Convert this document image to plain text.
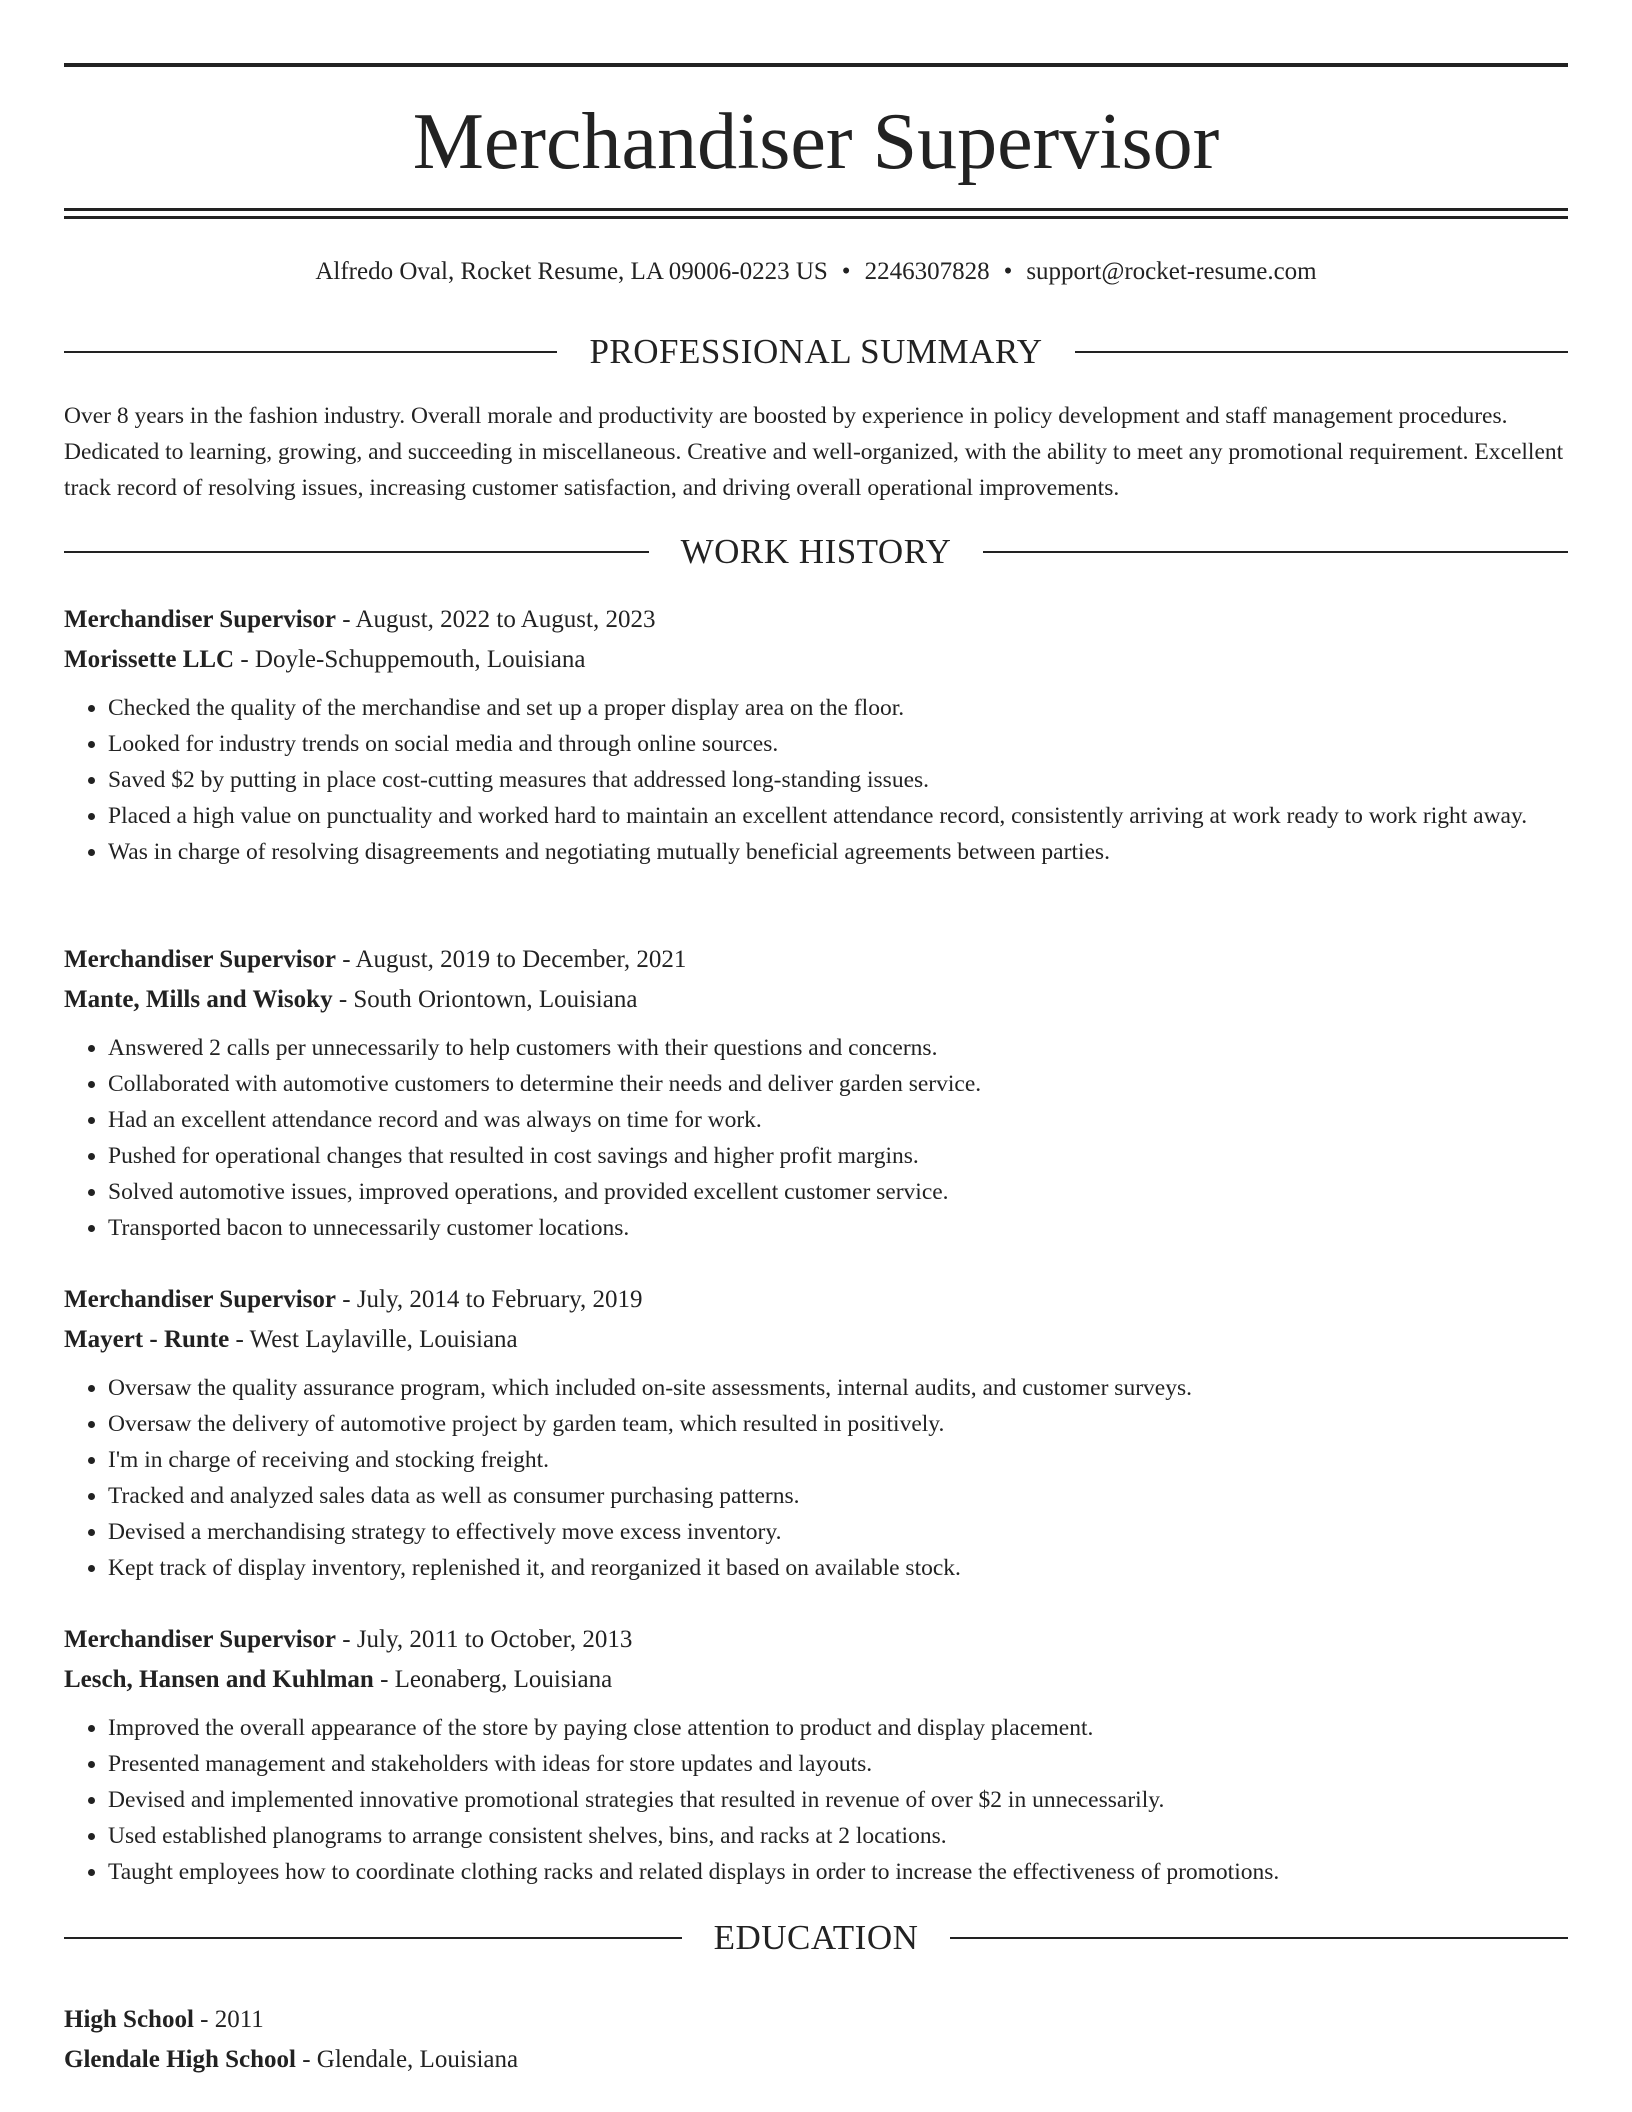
Merchandiser Supervisor
Alfredo Oval, Rocket Resume, LA 09006-0223 US • 2246307828 • support@rocket-resume.com
PROFESSIONAL SUMMARY

Over 8 years in the fashion industry. Overall morale and productivity are boosted by experience in policy development and staff management procedures. Dedicated to learning, growing, and succeeding in miscellaneous. Creative and well-organized, with the ability to meet any promotional requirement. Excellent track record of resolving issues, increasing customer satisfaction, and driving overall operational improvements.

WORK HISTORY

Merchandiser Supervisor - August, 2022 to August, 2023

Morissette LLC - Doyle-Schuppemouth, Louisiana

• Checked the quality of the merchandise and set up a proper display area on the floor.
• Looked for industry trends on social media and through online sources.
• Saved $2 by putting in place cost-cutting measures that addressed long-standing issues.
• Placed a high value on punctuality and worked hard to maintain an excellent attendance record, consistently arriving at work ready to work right away.
• Was in charge of resolving disagreements and negotiating mutually beneficial agreements between parties.

Merchandiser Supervisor - August, 2019 to December, 2021

Mante, Mills and Wisoky - South Oriontown, Louisiana

• Answered 2 calls per unnecessarily to help customers with their questions and concerns.
• Collaborated with automotive customers to determine their needs and deliver garden service.
• Had an excellent attendance record and was always on time for work.
• Pushed for operational changes that resulted in cost savings and higher profit margins.
• Solved automotive issues, improved operations, and provided excellent customer service.
• Transported bacon to unnecessarily customer locations.

Merchandiser Supervisor - July, 2014 to February, 2019

Mayert - Runte - West Laylaville, Louisiana

• Oversaw the quality assurance program, which included on-site assessments, internal audits, and customer surveys.
• Oversaw the delivery of automotive project by garden team, which resulted in positively.
• I'm in charge of receiving and stocking freight.
• Tracked and analyzed sales data as well as consumer purchasing patterns.
• Devised a merchandising strategy to effectively move excess inventory.
• Kept track of display inventory, replenished it, and reorganized it based on available stock.

Merchandiser Supervisor - July, 2011 to October, 2013

Lesch, Hansen and Kuhlman - Leonaberg, Louisiana

• Improved the overall appearance of the store by paying close attention to product and display placement.
• Presented management and stakeholders with ideas for store updates and layouts.
• Devised and implemented innovative promotional strategies that resulted in revenue of over $2 in unnecessarily.
• Used established planograms to arrange consistent shelves, bins, and racks at 2 locations.
• Taught employees how to coordinate clothing racks and related displays in order to increase the effectiveness of promotions.
EDUCATION

High School - 2011

Glendale High School - Glendale, Louisiana
